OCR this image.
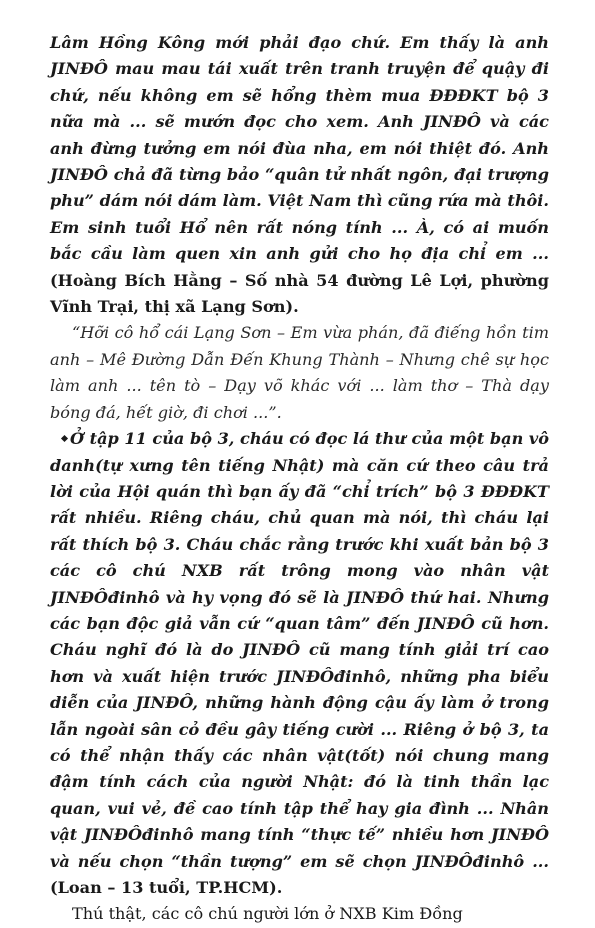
Lâm Hồng Kông mới phải đạo chứ. Em thấy là anh JINĐÔ mau mau tái xuất trên tranh truyện để quậy đi chứ, nếu không em sẽ hổng thèm mua ĐĐĐKT bộ 3 nữa mà ... sẽ mướn đọc cho xem. Anh JINĐÔ và các anh đừng tưởng em nói đùa nha, em nói thiệt đó. Anh JINĐÔ chả đã từng bảo “quân tử nhất ngôn, đại trượng phu” dám nói dám làm. Việt Nam thì cũng rứa mà thôi. Em sinh tuổi Hổ nên rất nóng tính ... À, có ai muốn bắc cầu làm quen xin anh gửi cho họ địa chỉ em ...(Hoàng Bích Hằng – Số nhà 54 đường Lê Lợi, phường Vĩnh Trại, thị xã Lạng Sơn).

“Hỡi cô hổ cái Lạng Sơn – Em vừa phán, đã điếng hồn tim anh – Mê Đường Dẫn Đến Khung Thành – Nhưng chê sự học làm anh ... tên tò – Dạy võ khác với ... làm thơ – Thà dạy bóng đá, hết giờ, đi chơi ...”.

Ở tập 11 của bộ 3, cháu có đọc lá thư của một bạn vô danh(tự xưng tên tiếng Nhật) mà căn cứ theo câu trả lời của Hội quán thì bạn ấy đã “chỉ trích” bộ 3 ĐĐĐKT rất nhiều. Riêng cháu, chủ quan mà nói, thì cháu lại rất thích bộ 3. Cháu chắc rằng trước khi xuất bản bộ 3 các cô chú NXB rất trông mong vào nhân vật JINĐÔđinhô và hy vọng đó sẽ là JINĐÔ thứ hai. Nhưng các bạn độc giả vẫn cứ “quan tâm” đến JINĐÔ cũ hơn. Cháu nghĩ đó là do JINĐÔ cũ mang tính giải trí cao hơn và xuất hiện trước JINĐÔđinhô, những pha biểu diễn của JINĐÔ, những hành động cậu ấy làm ở trong lẫn ngoài sân cỏ đều gây tiếng cười ... Riêng ở bộ 3, ta có thể nhận thấy các nhân vật(tốt) nói chung mang đậm tính cách của người Nhật: đó là tinh thần lạc quan, vui vẻ, đề cao tính tập thể hay gia đình ... Nhân vật JINĐÔđinhô mang tính “thực tế” nhiều hơn JINĐÔ và nếu chọn “thần tượng” em sẽ chọn JINĐÔđinhô ... (Loan – 13 tuổi, TP.HCM).

Thú thật, các cô chú người lớn ở NXB Kim Đồng
